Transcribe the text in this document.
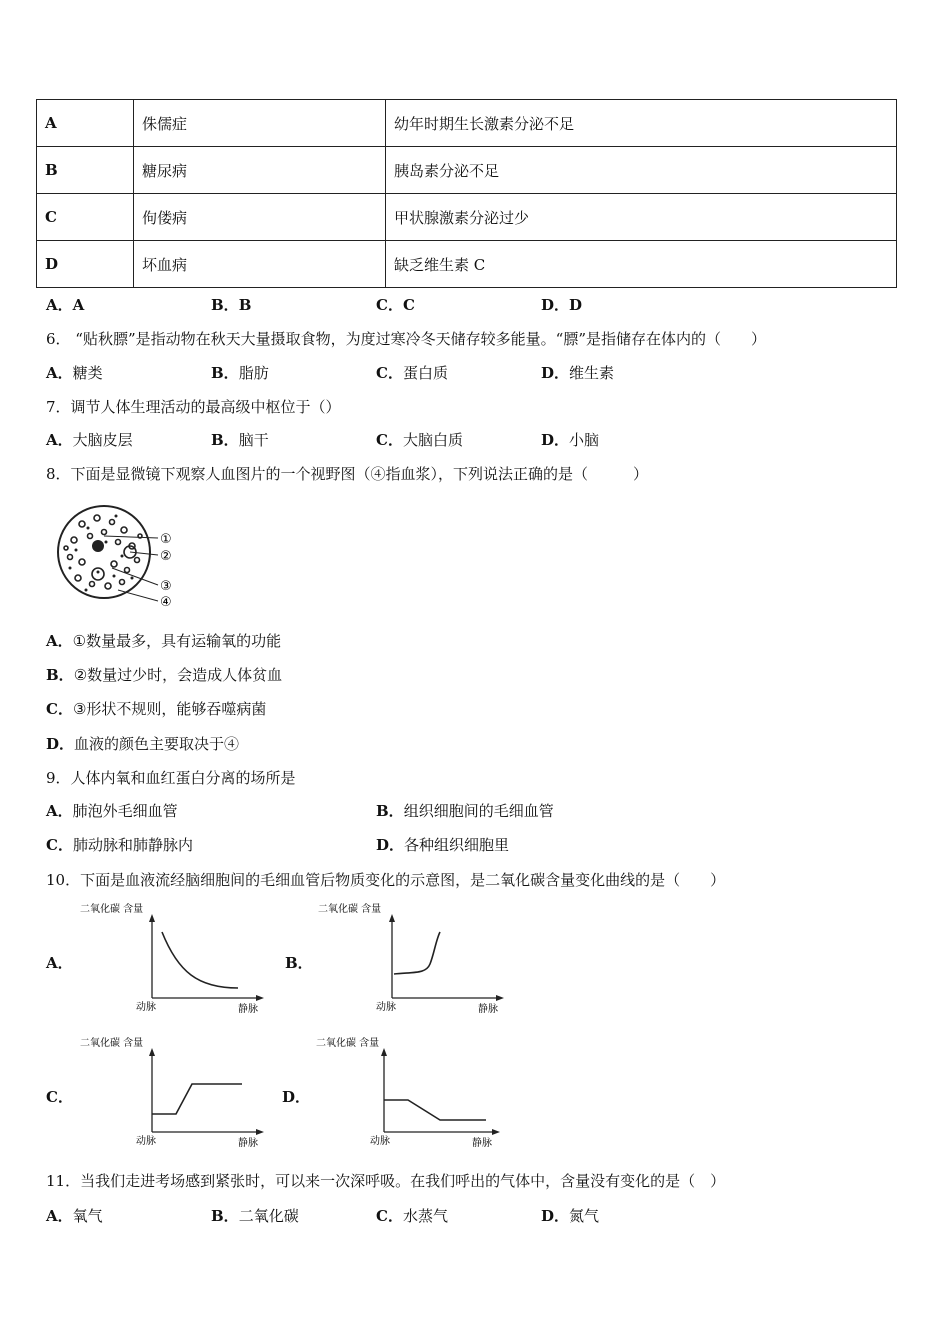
A	侏儒症	幼年时期生长激素分泌不足
B	糖尿病	胰岛素分泌不足
C	佝偻病	甲状腺激素分泌过少
D	坏血病	缺乏维生素 C
A．A	B．B	C．C	D．D
6． “贴秋膘”是指动物在秋天大量摄取食物，为度过寒冷冬天储存较多能量。“膘”是指储存在体内的（　　）
A．糖类	B．脂肪	C．蛋白质	D．维生素
7．调节人体生理活动的最高级中枢位于（）
A．大脑皮层	B．脑干	C．大脑白质	D．小脑
8．下面是显微镜下观察人血图片的一个视野图（④指血浆），下列说法正确的是（　　　）
①
②
③
④
A．①数量最多，具有运输氧的功能
B．②数量过少时，会造成人体贫血
C．③形状不规则，能够吞噬病菌
D．血液的颜色主要取决于④
9．人体内氧和血红蛋白分离的场所是
A．肺泡外毛细血管	B．组织细胞间的毛细血管
C．肺动脉和肺静脉内	D．各种组织细胞里
10．下面是血液流经脑细胞间的毛细血管后物质变化的示意图，是二氧化碳含量变化曲线的是（　　）
A．	B．
C．	D．
二氧化碳 含量
动脉	静脉
二氧化碳 含量
动脉	静脉
二氧化碳 含量
动脉	静脉
二氧化碳 含量
动脉	静脉
11．当我们走进考场感到紧张时，可以来一次深呼吸。在我们呼出的气体中，含量没有变化的是（　）
A．氧气	B．二氧化碳	C．水蒸气	D．氮气
